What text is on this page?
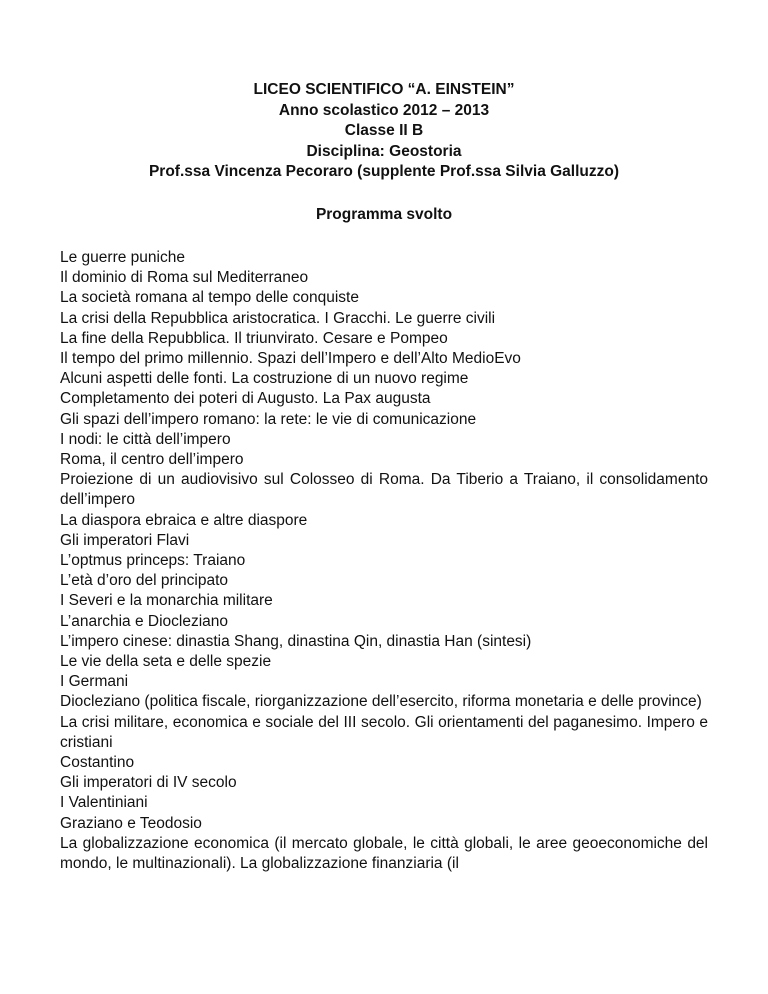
LICEO SCIENTIFICO “A. EINSTEIN”
Anno scolastico 2012 – 2013
Classe II B
Disciplina: Geostoria
Prof.ssa Vincenza Pecoraro (supplente Prof.ssa Silvia Galluzzo)
Programma svolto
Le guerre puniche
Il dominio di Roma sul Mediterraneo
La società romana al tempo delle conquiste
La crisi della Repubblica aristocratica. I Gracchi. Le guerre civili
La fine della Repubblica. Il triunvirato. Cesare e Pompeo
Il tempo del primo millennio. Spazi dell’Impero e dell’Alto MedioEvo
Alcuni aspetti delle fonti. La costruzione di un nuovo regime
Completamento dei poteri di Augusto. La Pax augusta
Gli spazi dell’impero romano: la rete: le vie di comunicazione
I nodi: le città dell’impero
Roma, il centro dell’impero
Proiezione di un audiovisivo sul Colosseo di Roma. Da Tiberio a Traiano, il consolidamento dell’impero
La diaspora ebraica e altre diaspore
Gli imperatori Flavi
L’optmus princeps: Traiano
L’età d’oro del principato
I Severi e la monarchia militare
L’anarchia e Diocleziano
L’impero cinese: dinastia Shang, dinastina Qin, dinastia Han (sintesi)
Le vie della seta e delle spezie
I Germani
Diocleziano (politica fiscale, riorganizzazione dell’esercito, riforma monetaria e delle province)
La crisi militare, economica e sociale del III secolo. Gli orientamenti del paganesimo. Impero e cristiani
Costantino
Gli imperatori di IV secolo
I Valentiniani
Graziano e Teodosio
La globalizzazione economica (il mercato globale, le città globali, le aree geoeconomiche del mondo, le multinazionali). La globalizzazione finanziaria (il
